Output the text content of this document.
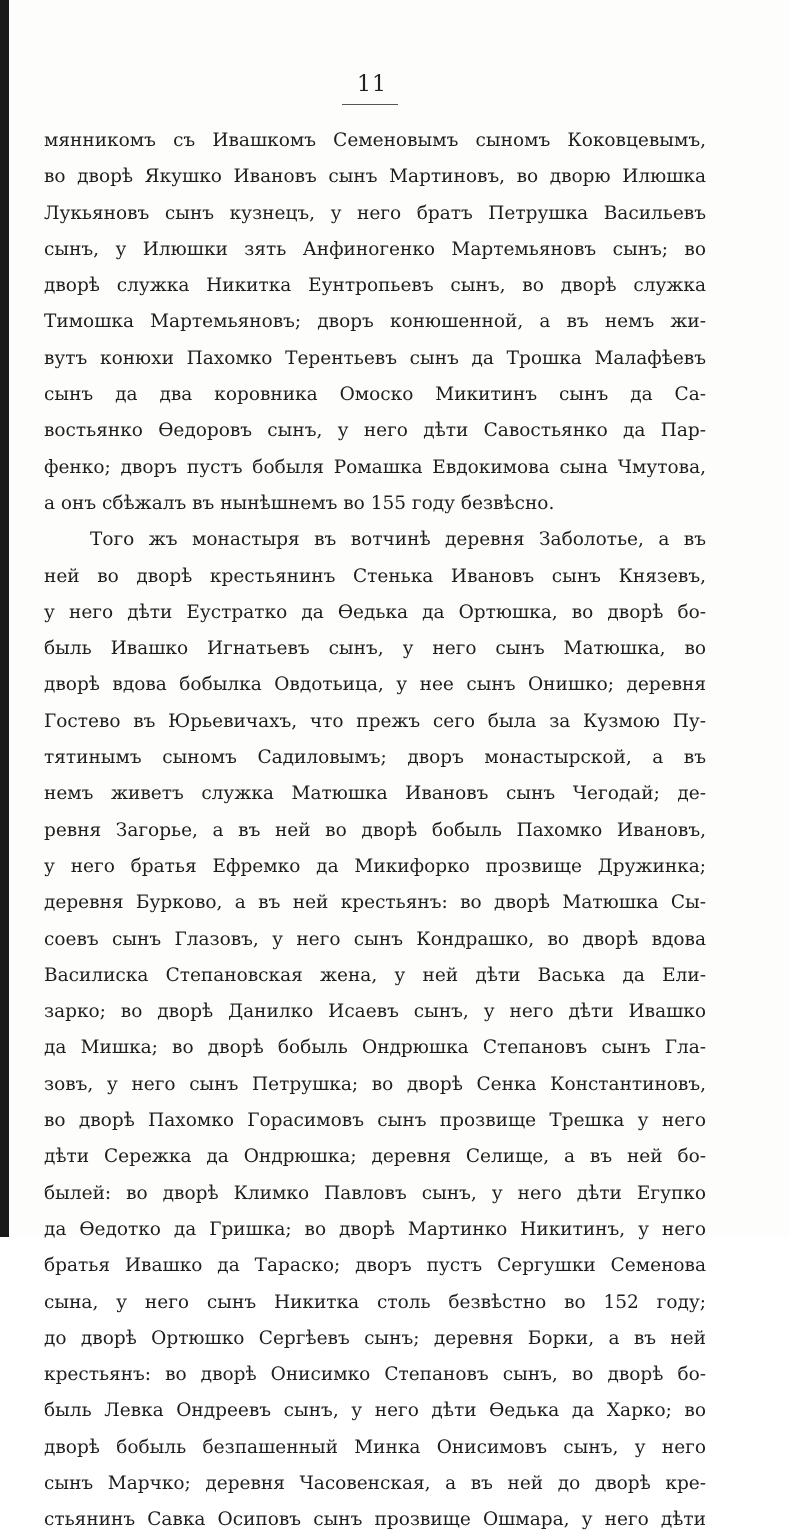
11
мянникомъ съ Ивашкомъ Семеновымъ сыномъ Коковцевымъ,
во дворѣ Якушко Ивановъ сынъ Мартиновъ, во дворю Илюшка
Лукьяновъ сынъ кузнецъ, у него братъ Петрушка Васильевъ
сынъ, у Илюшки зять Анфиногенко Мартемьяновъ сынъ; во
дворѣ служка Никитка Еунтропьевъ сынъ, во дворѣ служка
Тимошка Мартемьяновъ; дворъ конюшенной, а въ немъ жи-
вутъ конюхи Пахомко Терентьевъ сынъ да Трошка Малафѣевъ
сынъ да два коровника Омоско Микитинъ сынъ да Са-
востьянко Ѳедоровъ сынъ, у него дѣти Савостьянко да Пар-
фенко; дворъ пустъ бобыля Ромашка Евдокимова сына Чмутова,
а онъ сбѣжалъ въ нынѣшнемъ во 155 году безвѣсно.
Того жъ монастыря въ вотчинѣ деревня Заболотье, а въ
ней во дворѣ крестьянинъ Стенька Ивановъ сынъ Князевъ,
у него дѣти Еустратко да Ѳедька да Ортюшка, во дворѣ бо-
быль Ивашко Игнатьевъ сынъ, у него сынъ Матюшка, во
дворѣ вдова бобылка Овдотьица, у нее сынъ Онишко; деревня
Гостево въ Юрьевичахъ, что прежъ сего была за Кузмою Пу-
тятинымъ сыномъ Садиловымъ; дворъ монастырской, а въ
немъ живетъ служка Матюшка Ивановъ сынъ Чегодай; де-
ревня Загорье, а въ ней во дворѣ бобыль Пахомко Ивановъ,
у него братья Ефремко да Микифорко прозвище Дружинка;
деревня Бурково, а въ ней крестьянъ: во дворѣ Матюшка Сы-
соевъ сынъ Глазовъ, у него сынъ Кондрашко, во дворѣ вдова
Василиска Степановская жена, у ней дѣти Васька да Ели-
зарко; во дворѣ Данилко Исаевъ сынъ, у него дѣти Ивашко
да Мишка; во дворѣ бобыль Ондрюшка Степановъ сынъ Гла-
зовъ, у него сынъ Петрушка; во дворѣ Сенка Константиновъ,
во дворѣ Пахомко Горасимовъ сынъ прозвище Трешка у него
дѣти Сережка да Ондрюшка; деревня Селище, а въ ней бо-
былей: во дворѣ Климко Павловъ сынъ, у него дѣти Егупко
да Ѳедотко да Гришка; во дворѣ Мартинко Никитинъ, у него
братья Ивашко да Тараско; дворъ пустъ Сергушки Семенова
сына, у него сынъ Никитка столь безвѣстно во 152 году;
до дворѣ Ортюшко Сергѣевъ сынъ; деревня Борки, а въ ней
крестьянъ: во дворѣ Онисимко Степановъ сынъ, во дворѣ бо-
быль Левка Ондреевъ сынъ, у него дѣти Ѳедька да Харко; во
дворѣ бобыль безпашенный Минка Онисимовъ сынъ, у него
сынъ Марчко; деревня Часовенская, а въ ней до дворѣ кре-
стьянинъ Савка Осиповъ сынъ прозвище Ошмара, у него дѣти
